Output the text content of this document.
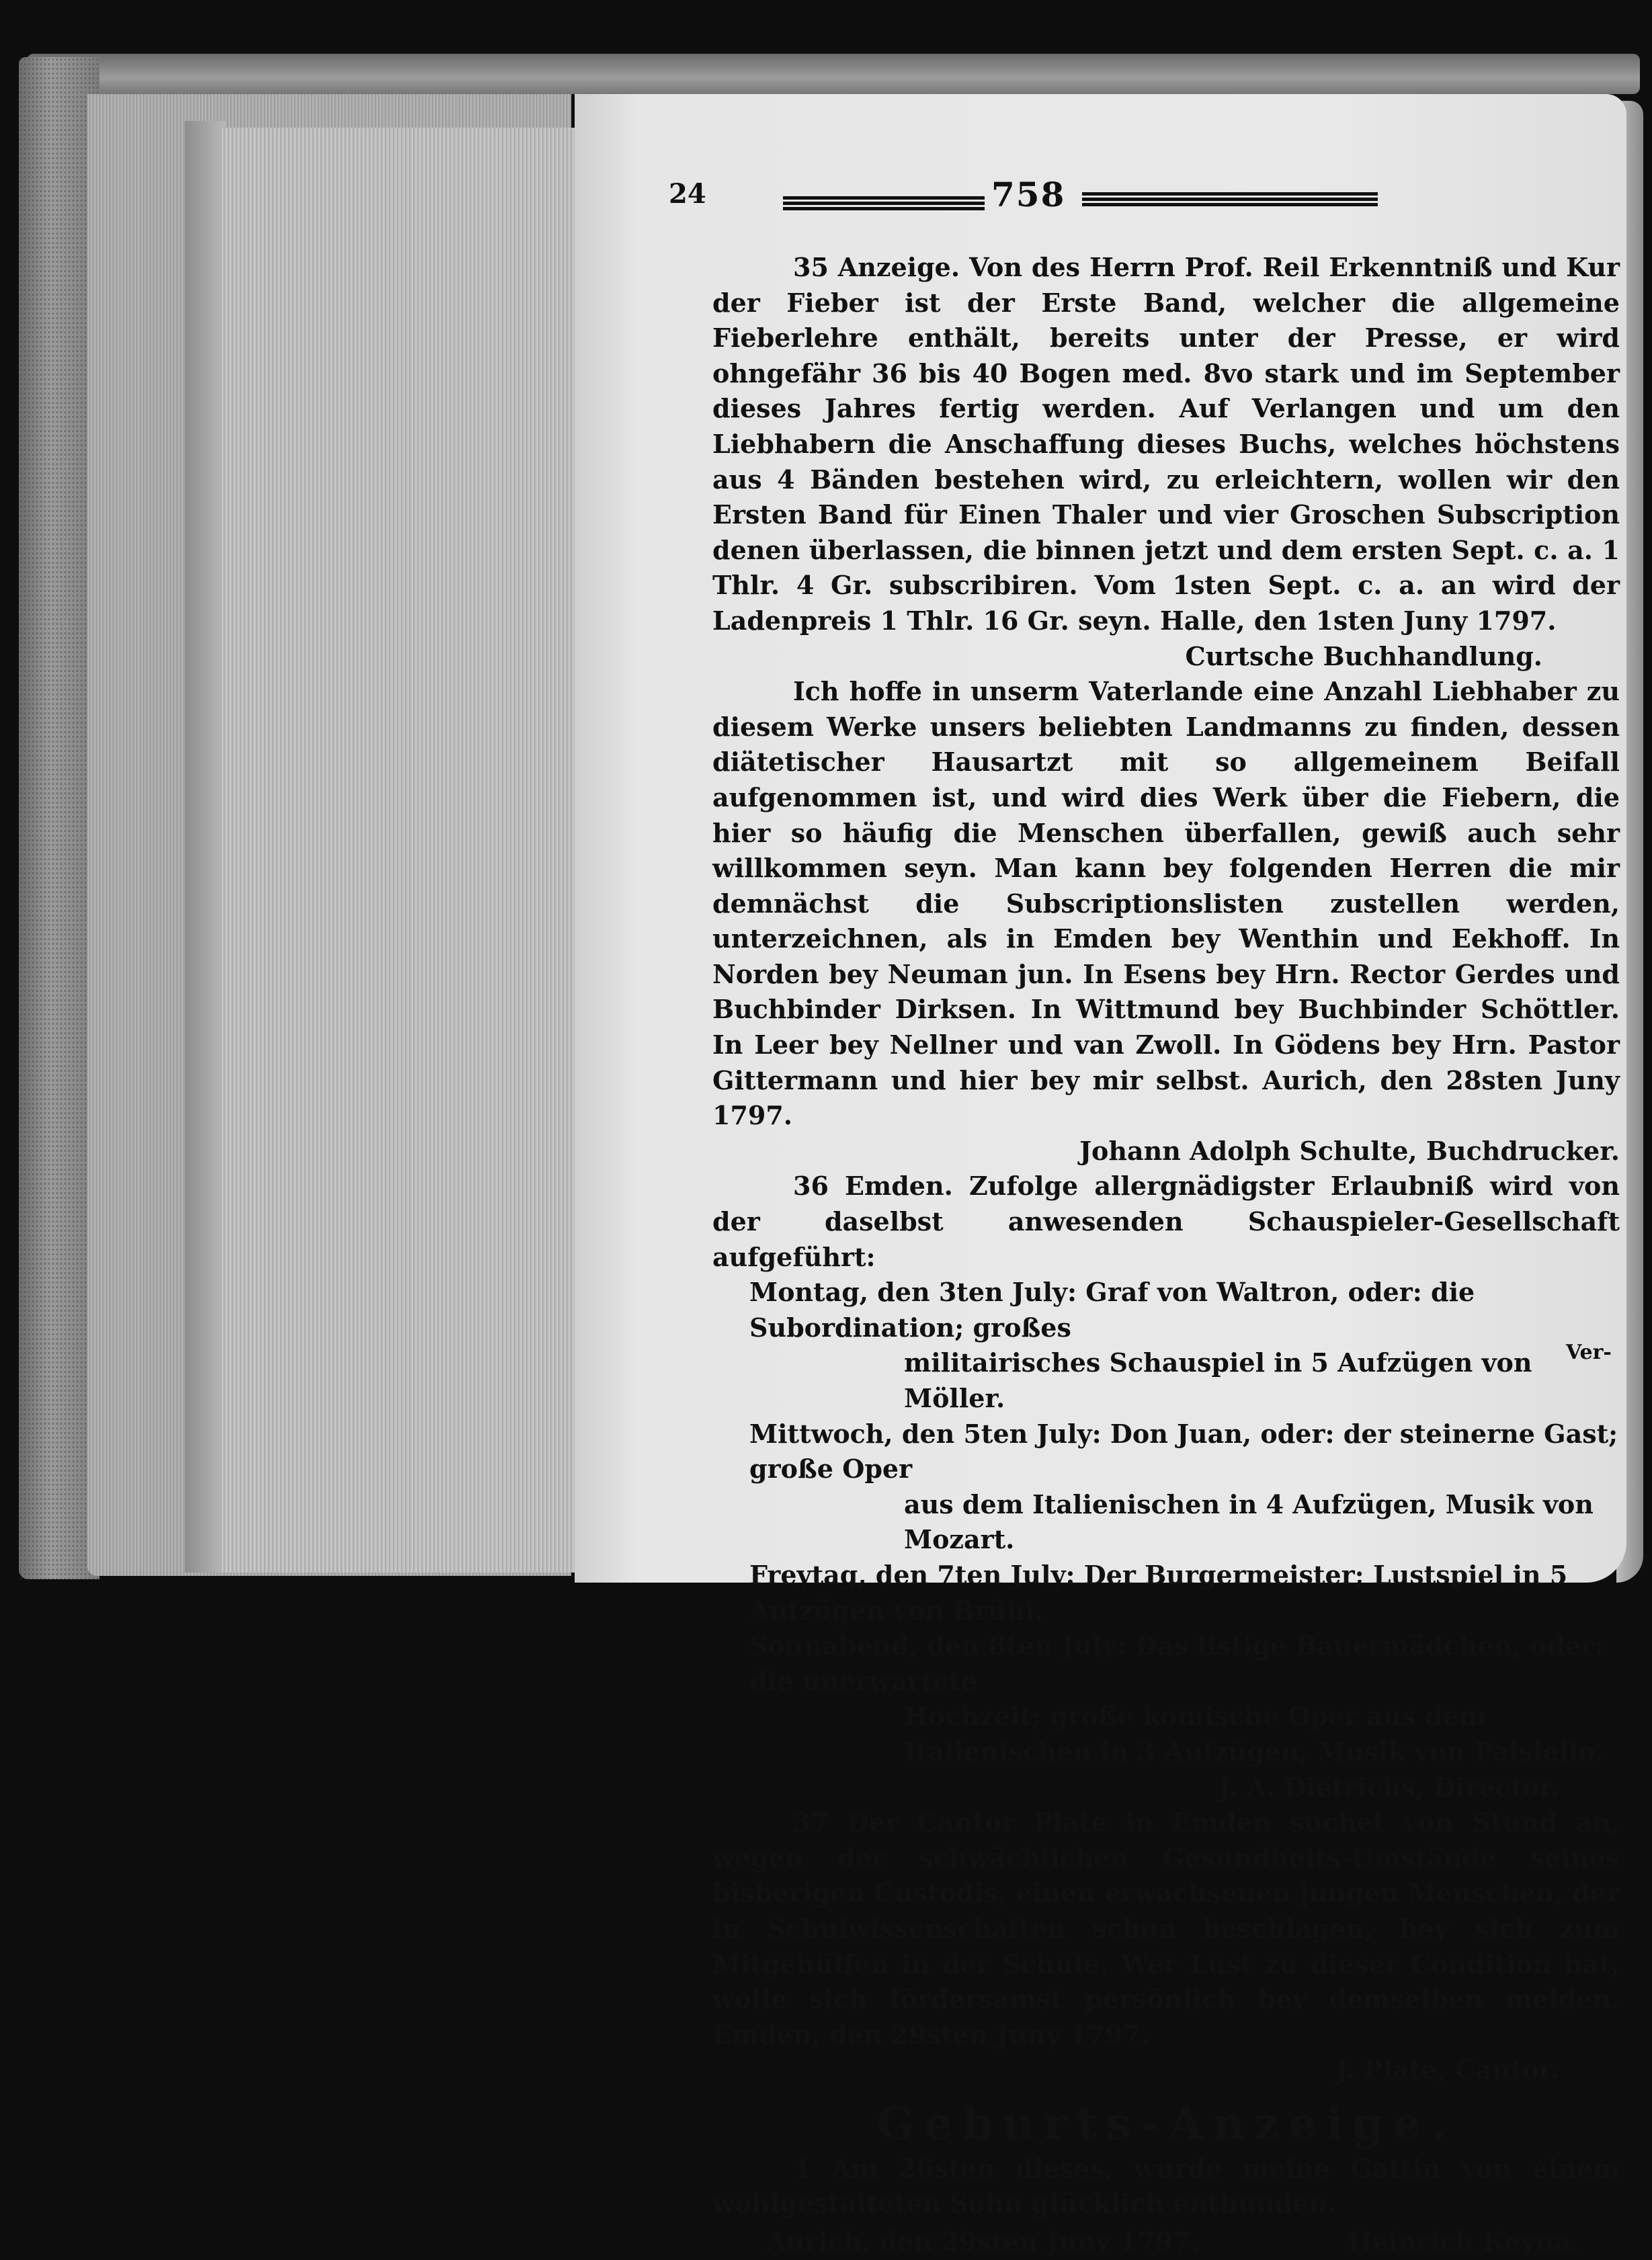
24	758

35 Anzeige. Von des Herrn Prof. Reil Erkenntniß und Kur der Fieber ist der Erste Band, welcher die allgemeine Fieberlehre enthält, bereits unter der Presse, er wird ohngefähr 36 bis 40 Bogen med. 8vo stark und im September dieses Jahres fertig werden. Auf Verlangen und um den Liebhabern die Anschaffung dieses Buchs, welches höchstens aus 4 Bänden bestehen wird, zu erleichtern, wollen wir den Ersten Band für Einen Thaler und vier Groschen Subscription denen überlassen, die binnen jetzt und dem ersten Sept. c. a. 1 Thlr. 4 Gr. subscribiren. Vom 1sten Sept. c. a. an wird der Ladenpreis 1 Thlr. 16 Gr. seyn. Halle, den 1sten Juny 1797.

Curtsche Buchhandlung.

Ich hoffe in unserm Vaterlande eine Anzahl Liebhaber zu diesem Werke unsers beliebten Landmanns zu finden, dessen diätetischer Hausartzt mit so allgemeinem Beifall aufgenommen ist, und wird dies Werk über die Fiebern, die hier so häufig die Menschen überfallen, gewiß auch sehr willkommen seyn. Man kann bey folgenden Herren die mir demnächst die Subscriptionslisten zustellen werden, unterzeichnen, als in Emden bey Wenthin und Eekhoff. In Norden bey Neuman jun. In Esens bey Hrn. Rector Gerdes und Buchbinder Dirksen. In Wittmund bey Buchbinder Schöttler. In Leer bey Nellner und van Zwoll. In Gödens bey Hrn. Pastor Gittermann und hier bey mir selbst. Aurich, den 28sten Juny 1797.

Johann Adolph Schulte, Buchdrucker.

36 Emden. Zufolge allergnädigster Erlaubniß wird von der daselbst anwesenden Schauspieler-Gesellschaft aufgeführt:

Montag, den 3ten July: Graf von Waltron, oder: die Subordination; großes
militairisches Schauspiel in 5 Aufzügen von Möller.
Mittwoch, den 5ten July: Don Juan, oder: der steinerne Gast; große Oper
aus dem Italienischen in 4 Aufzügen, Musik von Mozart.
Freytag, den 7ten July: Der Burgermeister; Lustspiel in 5 Aufzügen von Brühl.
Sonnabend, den 8ten July: Das listige Bauermädchen, oder: die unerwartete
Hochzeit; große komische Oper aus dem Italienischen in 3 Aufzügen, Musik von Paisiello.

J. A. Dietrichs, Director.

37 Der Cantor Plate in Emden suchet von Stund an, wegen der schwächlichen Gesundheits-Umstände seines bisherigen Custodis, einen erwachsenen jungen Menschen, der in Schulwissenschaften schon beschlagen, bey sich zum Mitgehülfen in der Schule. Wer Lust zu dieser Condition hat, wolle sich fördersamst persönlich bey demselben melden. Emden, den 29sten Juny 1797.

J. Plate, Cantor.

Geburts-Anzeige.

1 Am 26sten dieses, wurde meine Gattin von einem wohlgestalteten Sohn glücklich entbunden.

Aurich, den 29sten Juny 1797.	Heinrich Keyna.
Ver-
